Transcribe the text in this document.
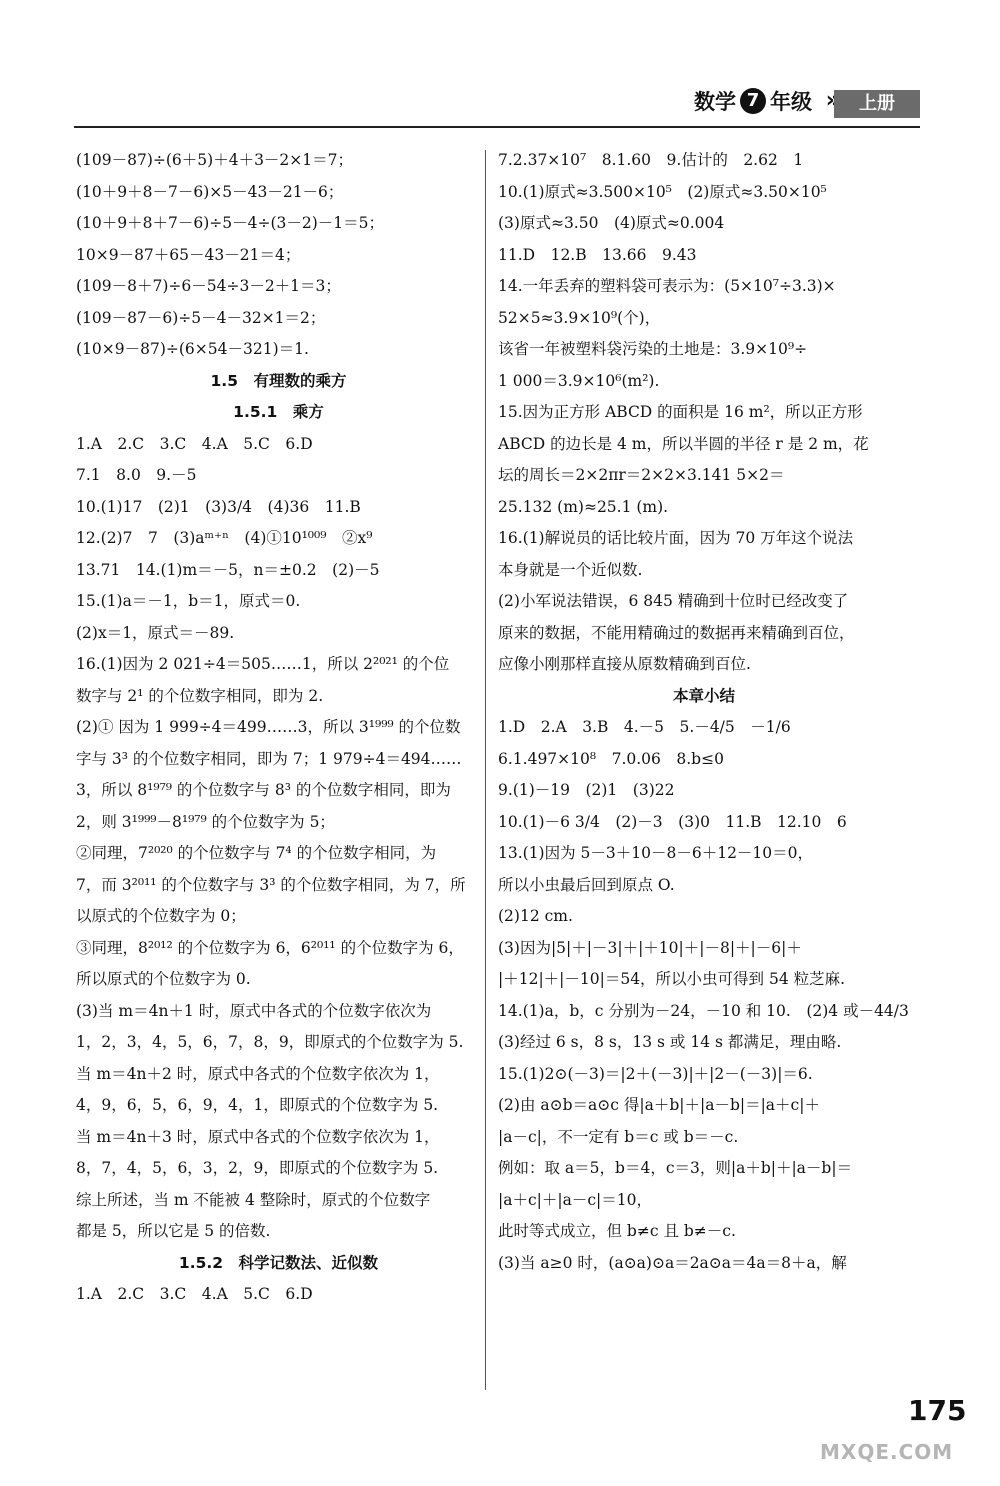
数学 7 年级 »	上册
(109－87)÷(6＋5)＋4＋3－2×1＝7；
(10＋9＋8－7－6)×5－43－21－6；
(10＋9＋8＋7－6)÷5－4÷(3－2)－1＝5；
10×9－87＋65－43－21＝4；
(109－8＋7)÷6－54÷3－2＋1＝3；
(109－87－6)÷5－4－32×1＝2；
(10×9－87)÷(6×54－321)＝1.
1.5　有理数的乘方
1.5.1　乘方
1.A　2.C　3.C　4.A　5.C　6.D
7.1　8.0　9.－5
10.(1)17　(2)1　(3)3/4　(4)36　11.B
12.(2)7　7　(3)aᵐ⁺ⁿ　(4)①10¹⁰⁰⁹　②x⁹
13.71　14.(1)m＝－5，n＝±0.2　(2)－5
15.(1)a＝－1，b＝1，原式＝0.
(2)x＝1，原式＝－89.
16.(1)因为 2 021÷4＝505……1，所以 2²⁰²¹ 的个位
数字与 2¹ 的个位数字相同，即为 2.
(2)① 因为 1 999÷4＝499……3，所以 3¹⁹⁹⁹ 的个位数
字与 3³ 的个位数字相同，即为 7；1 979÷4＝494……
3，所以 8¹⁹⁷⁹ 的个位数字与 8³ 的个位数字相同，即为
2，则 3¹⁹⁹⁹－8¹⁹⁷⁹ 的个位数字为 5；
②同理，7²⁰²⁰ 的个位数字与 7⁴ 的个位数字相同，为
7，而 3²⁰¹¹ 的个位数字与 3³ 的个位数字相同，为 7，所
以原式的个位数字为 0；
③同理，8²⁰¹² 的个位数字为 6，6²⁰¹¹ 的个位数字为 6，
所以原式的个位数字为 0.
(3)当 m＝4n＋1 时，原式中各式的个位数字依次为
1，2，3，4，5，6，7，8，9，即原式的个位数字为 5.
当 m＝4n＋2 时，原式中各式的个位数字依次为 1，
4，9，6，5，6，9，4，1，即原式的个位数字为 5.
当 m＝4n＋3 时，原式中各式的个位数字依次为 1，
8，7，4，5，6，3，2，9，即原式的个位数字为 5.
综上所述，当 m 不能被 4 整除时，原式的个位数字
都是 5，所以它是 5 的倍数.
1.5.2　科学记数法、近似数
1.A　2.C　3.C　4.A　5.C　6.D
7.2.37×10⁷　8.1.60　9.估计的　2.62　1
10.(1)原式≈3.500×10⁵　(2)原式≈3.50×10⁵
(3)原式≈3.50　(4)原式≈0.004
11.D　12.B　13.66　9.43
14.一年丢弃的塑料袋可表示为：(5×10⁷÷3.3)×
52×5≈3.9×10⁹(个)，
该省一年被塑料袋污染的土地是：3.9×10⁹÷
1 000＝3.9×10⁶(m²).
15.因为正方形 ABCD 的面积是 16 m²，所以正方形
ABCD 的边长是 4 m，所以半圆的半径 r 是 2 m，花
坛的周长＝2×2πr＝2×2×3.141 5×2＝
25.132 (m)≈25.1 (m).
16.(1)解说员的话比较片面，因为 70 万年这个说法
本身就是一个近似数.
(2)小军说法错误，6 845 精确到十位时已经改变了
原来的数据，不能用精确过的数据再来精确到百位，
应像小刚那样直接从原数精确到百位.
本章小结
1.D　2.A　3.B　4.－5　5.－4/5　－1/6
6.1.497×10⁸　7.0.06　8.b≤0
9.(1)－19　(2)1　(3)22
10.(1)－6 3/4　(2)－3　(3)0　11.B　12.10　6
13.(1)因为 5－3＋10－8－6＋12－10＝0，
所以小虫最后回到原点 O.
(2)12 cm.
(3)因为|5|＋|－3|＋|＋10|＋|－8|＋|－6|＋
|＋12|＋|－10|＝54，所以小虫可得到 54 粒芝麻.
14.(1)a，b，c 分别为－24，－10 和 10.　(2)4 或－44/3
(3)经过 6 s，8 s，13 s 或 14 s 都满足，理由略.
15.(1)2⊙(－3)＝|2＋(－3)|＋|2－(－3)|＝6.
(2)由 a⊙b＝a⊙c 得|a＋b|＋|a－b|＝|a＋c|＋
|a－c|，不一定有 b＝c 或 b＝－c.
例如：取 a＝5，b＝4，c＝3，则|a＋b|＋|a－b|＝
|a＋c|＋|a－c|＝10，
此时等式成立，但 b≠c 且 b≠－c.
(3)当 a≥0 时，(a⊙a)⊙a＝2a⊙a＝4a＝8＋a，解
175
MXQE.COM
